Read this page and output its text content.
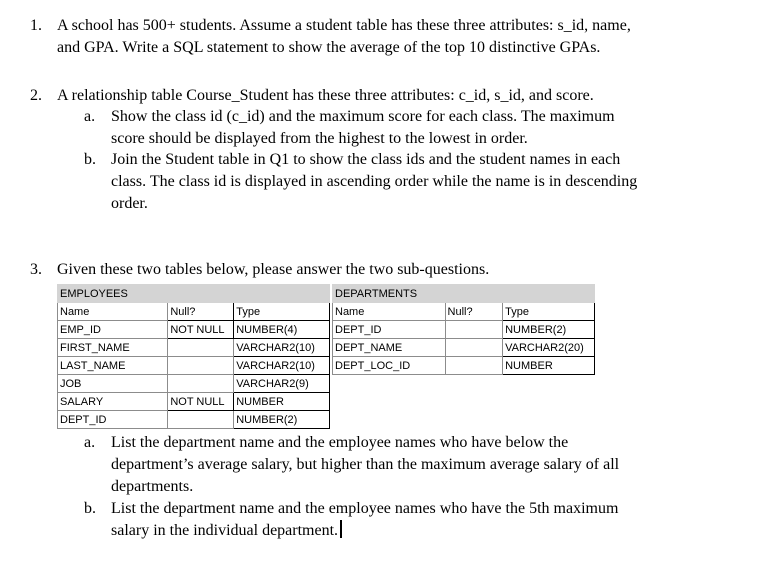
1. A school has 500+ students. Assume a student table has these three attributes: s_id, name,
and GPA. Write a SQL statement to show the average of the top 10 distinctive GPAs.
2. A relationship table Course_Student has these three attributes: c_id, s_id, and score.
a. Show the class id (c_id) and the maximum score for each class. The maximum
score should be displayed from the highest to the lowest in order.
b. Join the Student table in Q1 to show the class ids and the student names in each
class. The class id is displayed in ascending order while the name is in descending
order.
3. Given these two tables below, please answer the two sub-questions.
EMPLOYEES		
Name	Null?	Type
EMP_ID	NOT NULL	NUMBER(4)
FIRST_NAME		VARCHAR2(10)
LAST_NAME		VARCHAR2(10)
JOB		VARCHAR2(9)
SALARY	NOT NULL	NUMBER
DEPT_ID		NUMBER(2)
DEPARTMENTS		
Name	Null?	Type
DEPT_ID		NUMBER(2)
DEPT_NAME		VARCHAR2(20)
DEPT_LOC_ID		NUMBER
a. List the department name and the employee names who have below the
department’s average salary, but higher than the maximum average salary of all
departments.
b. List the department name and the employee names who have the 5th maximum
salary in the individual department.
